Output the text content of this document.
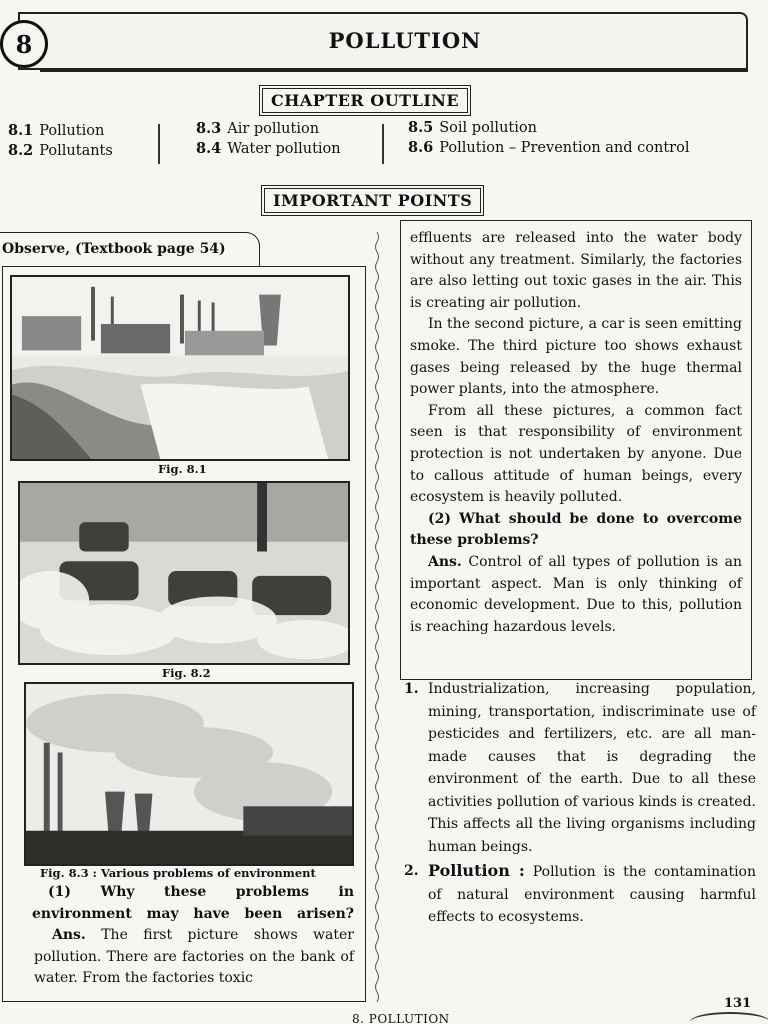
8	POLLUTION
CHAPTER OUTLINE
8.1 Pollution
8.2 Pollutants
8.3 Air pollution
8.4 Water pollution
8.5 Soil pollution
8.6 Pollution – Prevention and control
IMPORTANT POINTS
Observe, (Textbook page 54)
Fig. 8.1
Fig. 8.2
Fig. 8.3 : Various problems of environment
(1) Why these problems in environment may have been arisen?
Ans. The first picture shows water pollution. There are factories on the bank of water. From the factories toxic

effluents are released into the water body without any treatment. Similarly, the factories are also letting out toxic gases in the air. This is creating air pollution.

In the second picture, a car is seen emitting smoke. The third picture too shows exhaust gases being released by the huge thermal power plants, into the atmosphere.

From all these pictures, a common fact seen is that responsibility of environment protection is not undertaken by anyone. Due to callous attitude of human beings, every ecosystem is heavily polluted.

(2) What should be done to overcome these problems?

Ans. Control of all types of pollution is an important aspect. Man is only thinking of economic development. Due to this, pollution is reaching hazardous levels.

1. Industrialization, increasing population, mining, transportation, indiscriminate use of pesticides and fertilizers, etc. are all man-made causes that is degrading the environment of the earth. Due to all these activities pollution of various kinds is created. This affects all the living organisms including human beings.
2. Pollution : Pollution is the contamination of natural environment causing harmful effects to ecosystems.
131
8. POLLUTION
